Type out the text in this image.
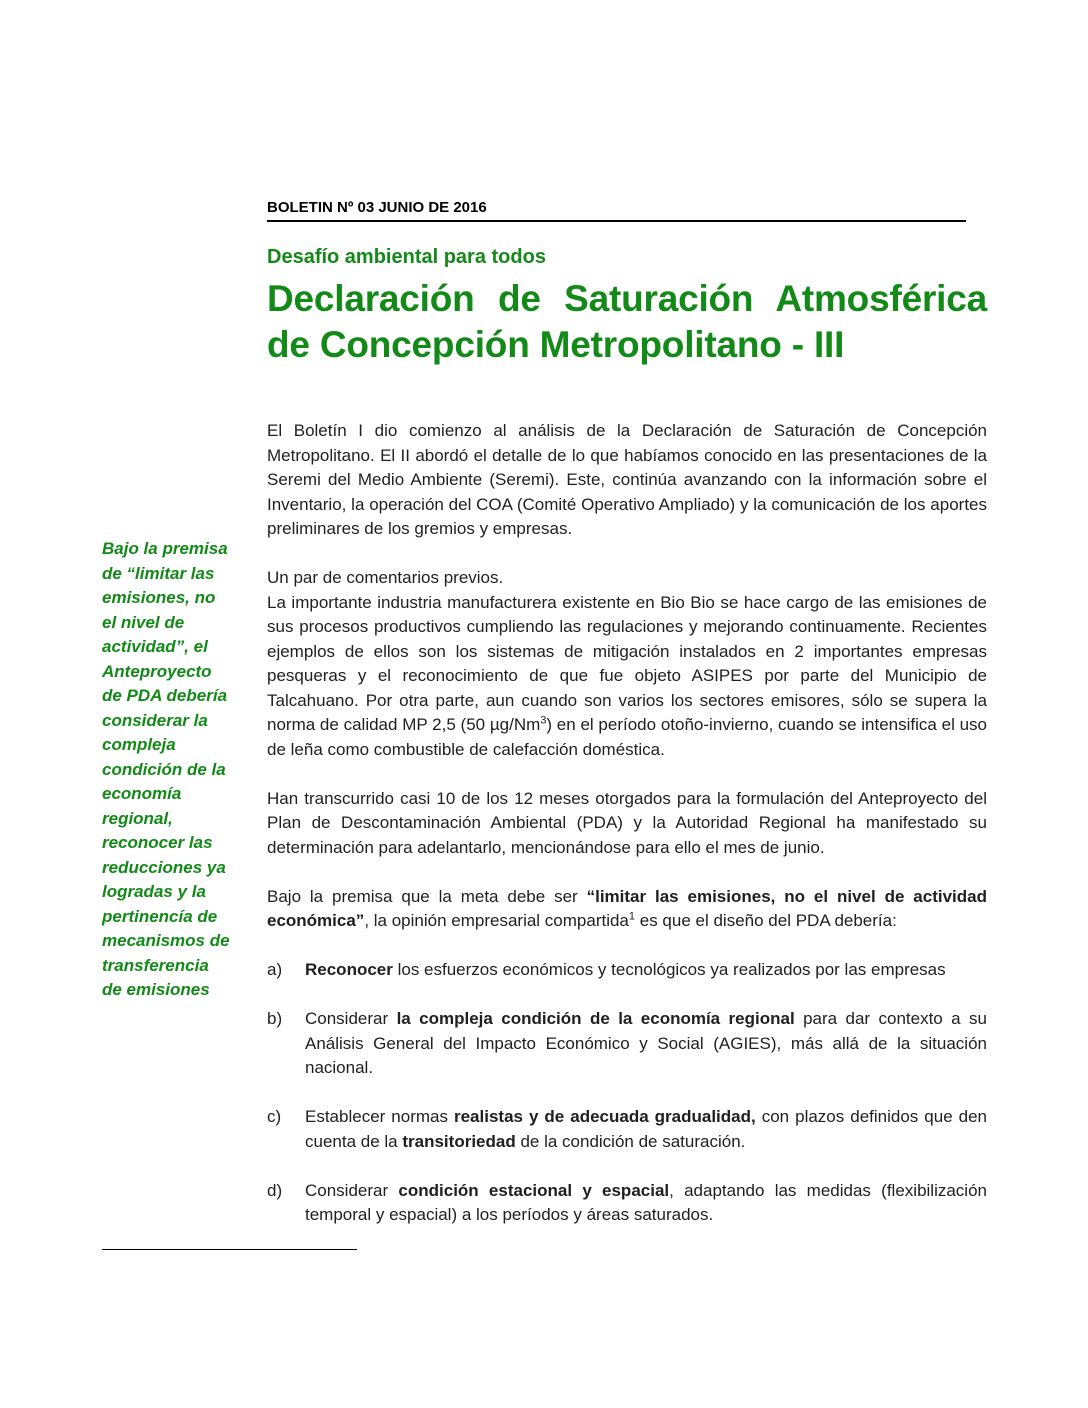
BOLETIN Nº 03 JUNIO DE 2016
Desafío ambiental para todos
Declaración de Saturación Atmosférica de Concepción Metropolitano - III

El Boletín I dio comienzo al análisis de la Declaración de Saturación de Concepción Metropolitano. El II abordó el detalle de lo que habíamos conocido en las presentaciones de la Seremi del Medio Ambiente (Seremi). Este, continúa avanzando con la información sobre el Inventario, la operación del COA (Comité Operativo Ampliado) y la comunicación de los aportes preliminares de los gremios y empresas.

Un par de comentarios previos.

La importante industria manufacturera existente en Bio Bio se hace cargo de las emisiones de sus procesos productivos cumpliendo las regulaciones y mejorando continuamente. Recientes ejemplos de ellos son los sistemas de mitigación instalados en 2 importantes empresas pesqueras y el reconocimiento de que fue objeto ASIPES por parte del Municipio de Talcahuano. Por otra parte, aun cuando son varios los sectores emisores, sólo se supera la norma de calidad MP 2,5 (50 µg/Nm$^3$) en el período otoño-invierno, cuando se intensifica el uso de leña como combustible de calefacción doméstica.

Han transcurrido casi 10 de los 12 meses otorgados para la formulación del Anteproyecto del Plan de Descontaminación Ambiental (PDA) y la Autoridad Regional ha manifestado su determinación para adelantarlo, mencionándose para ello el mes de junio.

Bajo la premisa que la meta debe ser “limitar las emisiones, no el nivel de actividad económica”, la opinión empresarial compartida$^1$ es que el diseño del PDA debería:

a)	Reconocer los esfuerzos económicos y tecnológicos ya realizados por las empresas
b)	Considerar la compleja condición de la economía regional para dar contexto a su Análisis General del Impacto Económico y Social (AGIES), más allá de la situación nacional.
c)	Establecer normas realistas y de adecuada gradualidad, con plazos definidos que den cuenta de la transitoriedad de la condición de saturación.
d)	Considerar condición estacional y espacial, adaptando las medidas (flexibilización temporal y espacial) a los períodos y áreas saturados.
Bajo la premisa
de “limitar las
emisiones, no
el nivel de
actividad”, el
Anteproyecto
de PDA debería
considerar la
compleja
condición de la
economía
regional,
reconocer las
reducciones ya
logradas y la
pertinencía de
mecanismos de
transferencia
de emisiones
